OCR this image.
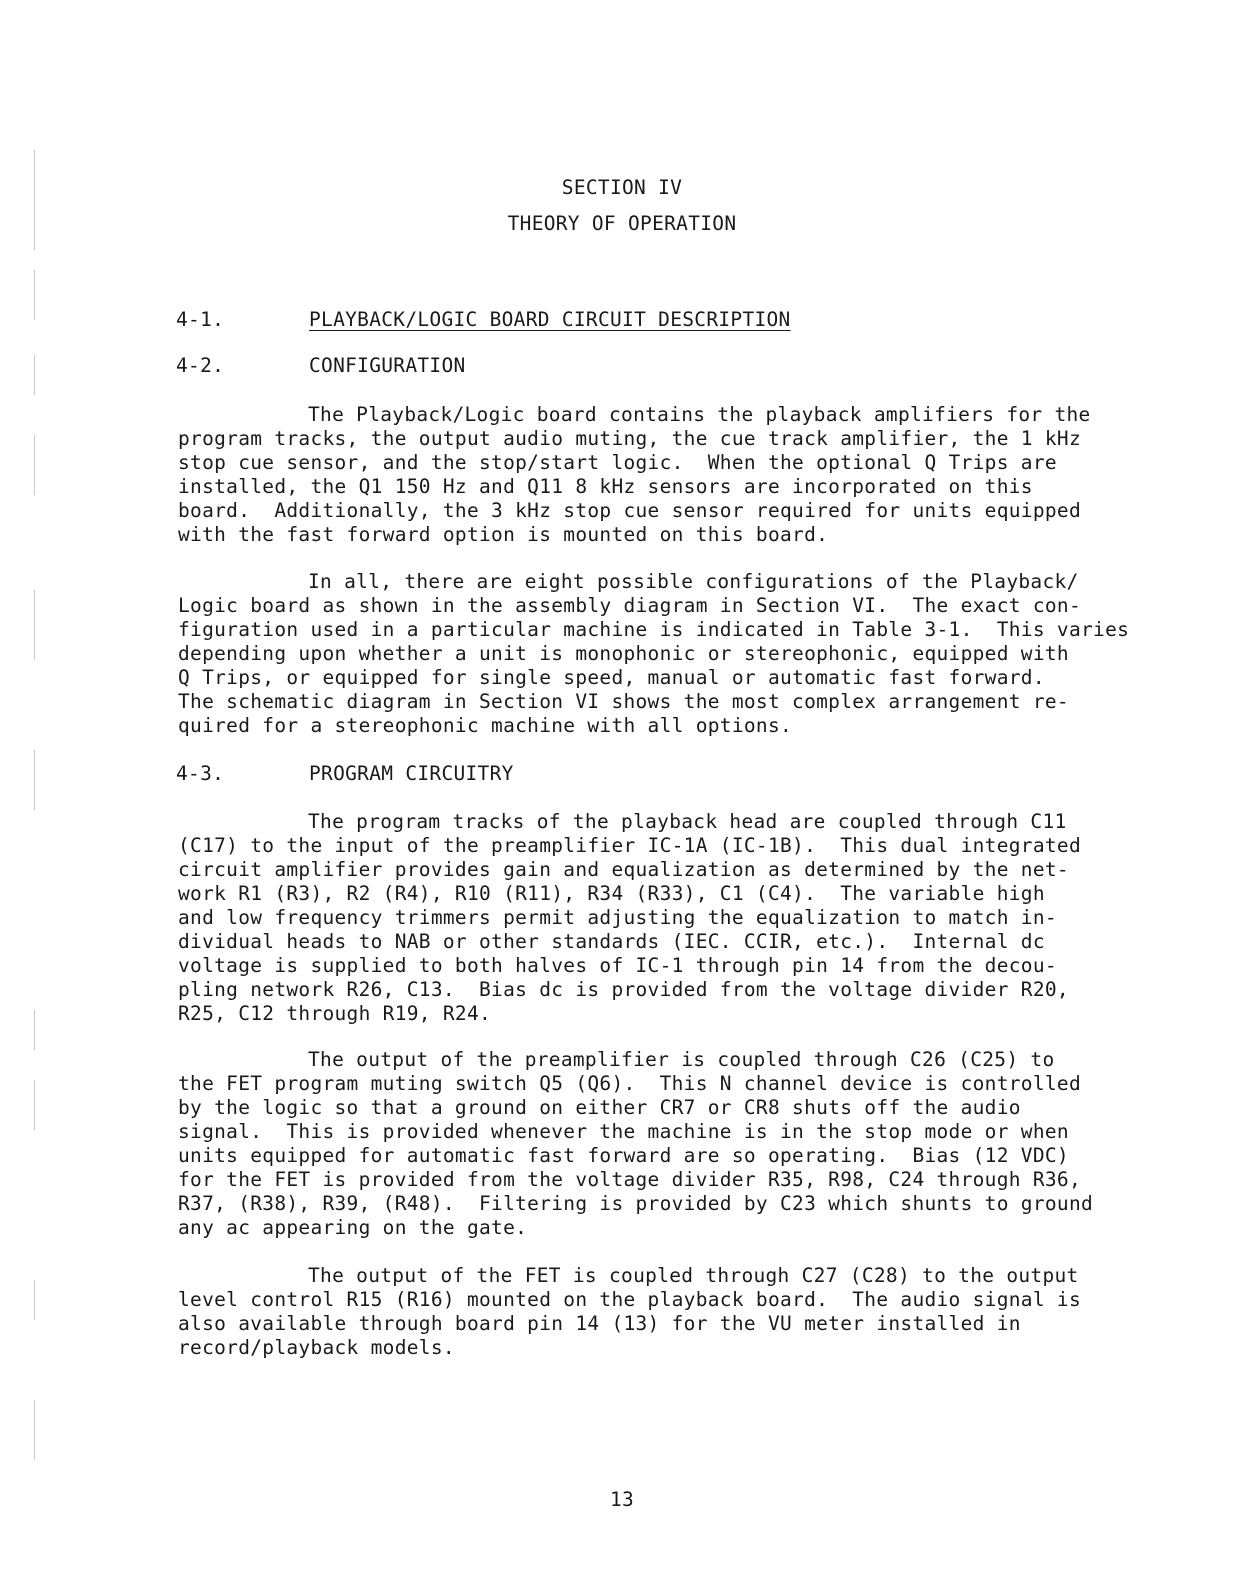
SECTION IV
THEORY OF OPERATION
4-1.	PLAYBACK/LOGIC BOARD CIRCUIT DESCRIPTION
4-2.	CONFIGURATION
The Playback/Logic board contains the playback amplifiers for the
program tracks, the output audio muting, the cue track amplifier, the 1 kHz
stop cue sensor, and the stop/start logic.  When the optional Q Trips are
installed, the Q1 150 Hz and Q11 8 kHz sensors are incorporated on this
board.  Additionally, the 3 kHz stop cue sensor required for units equipped
with the fast forward option is mounted on this board.
In all, there are eight possible configurations of the Playback/
Logic board as shown in the assembly diagram in Section VI.  The exact con-
figuration used in a particular machine is indicated in Table 3-1.  This varies
depending upon whether a unit is monophonic or stereophonic, equipped with
Q Trips, or equipped for single speed, manual or automatic fast forward.
The schematic diagram in Section VI shows the most complex arrangement re-
quired for a stereophonic machine with all options.
4-3.	PROGRAM CIRCUITRY
The program tracks of the playback head are coupled through C11
(C17) to the input of the preamplifier IC-1A (IC-1B).  This dual integrated
circuit amplifier provides gain and equalization as determined by the net-
work R1 (R3), R2 (R4), R10 (R11), R34 (R33), C1 (C4).  The variable high
and low frequency trimmers permit adjusting the equalization to match in-
dividual heads to NAB or other standards (IEC. CCIR, etc.).  Internal dc
voltage is supplied to both halves of IC-1 through pin 14 from the decou-
pling network R26, C13.  Bias dc is provided from the voltage divider R20,
R25, C12 through R19, R24.
The output of the preamplifier is coupled through C26 (C25) to
the FET program muting switch Q5 (Q6).  This N channel device is controlled
by the logic so that a ground on either CR7 or CR8 shuts off the audio
signal.  This is provided whenever the machine is in the stop mode or when
units equipped for automatic fast forward are so operating.  Bias (12 VDC)
for the FET is provided from the voltage divider R35, R98, C24 through R36,
R37, (R38), R39, (R48).  Filtering is provided by C23 which shunts to ground
any ac appearing on the gate.
The output of the FET is coupled through C27 (C28) to the output
level control R15 (R16) mounted on the playback board.  The audio signal is
also available through board pin 14 (13) for the VU meter installed in
record/playback models.
13
